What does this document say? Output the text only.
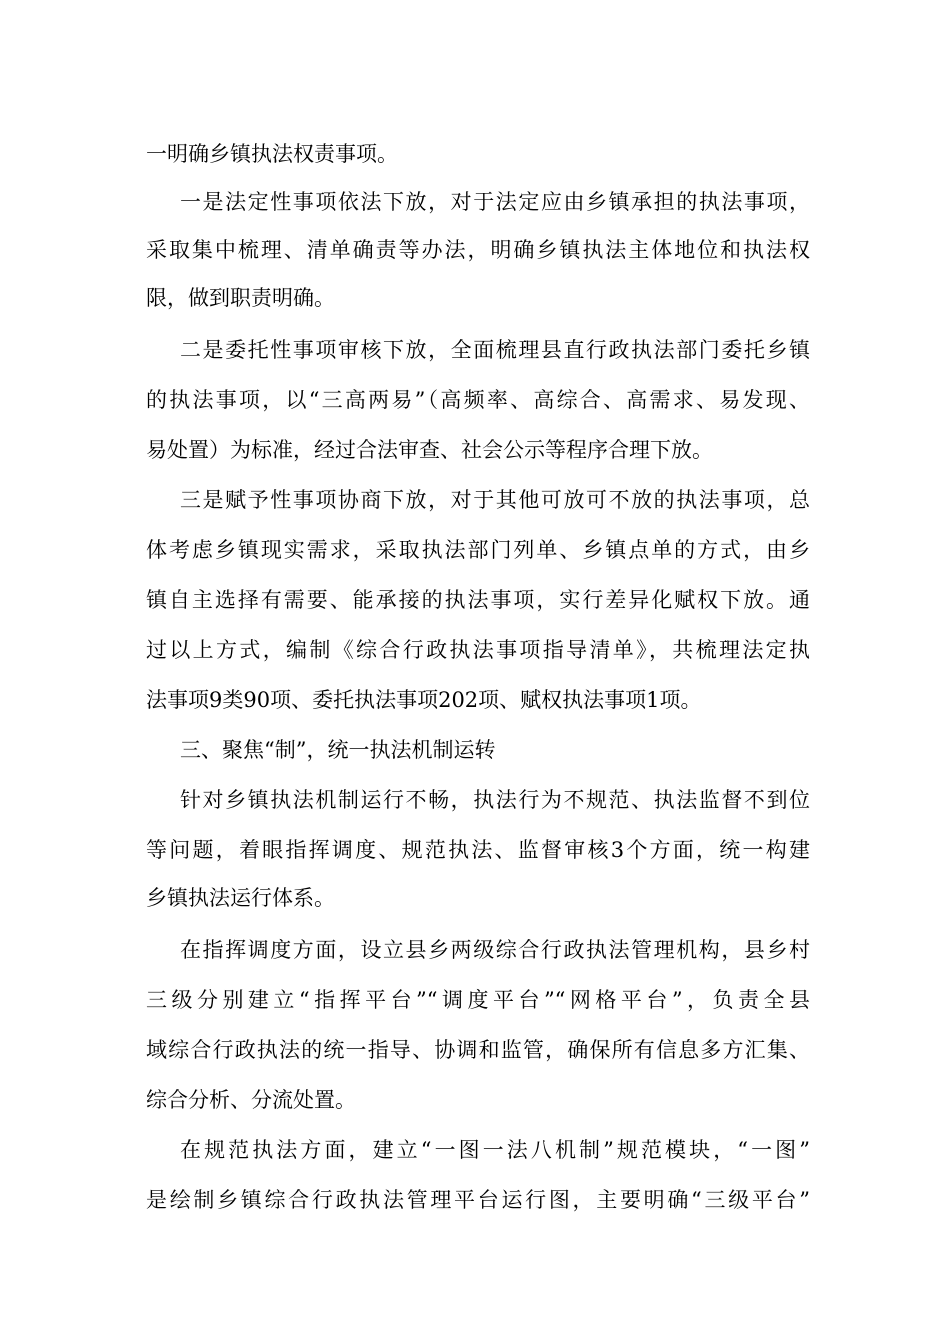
一明确乡镇执法权责事项。

一是法定性事项依法下放，对于法定应由乡镇承担的执法事项，

采取集中梳理、清单确责等办法，明确乡镇执法主体地位和执法权

限，做到职责明确。

二是委托性事项审核下放，全面梳理县直行政执法部门委托乡镇

的执法事项，以“三高两易”（高频率、高综合、高需求、易发现、

易处置）为标准，经过合法审查、社会公示等程序合理下放。

三是赋予性事项协商下放，对于其他可放可不放的执法事项，总

体考虑乡镇现实需求，采取执法部门列单、乡镇点单的方式，由乡

镇自主选择有需要、能承接的执法事项，实行差异化赋权下放。通

过以上方式，编制《综合行政执法事项指导清单》，共梳理法定执

法事项9类90项、委托执法事项202项、赋权执法事项1项。

三、聚焦“制”，统一执法机制运转

针对乡镇执法机制运行不畅，执法行为不规范、执法监督不到位

等问题，着眼指挥调度、规范执法、监督审核3个方面，统一构建

乡镇执法运行体系。

在指挥调度方面，设立县乡两级综合行政执法管理机构，县乡村

三级分别建立“指挥平台”“调度平台”“网格平台”，负责全县

域综合行政执法的统一指导、协调和监管，确保所有信息多方汇集、

综合分析、分流处置。

在规范执法方面，建立“一图一法八机制”规范模块，“一图”

是绘制乡镇综合行政执法管理平台运行图，主要明确“三级平台”
